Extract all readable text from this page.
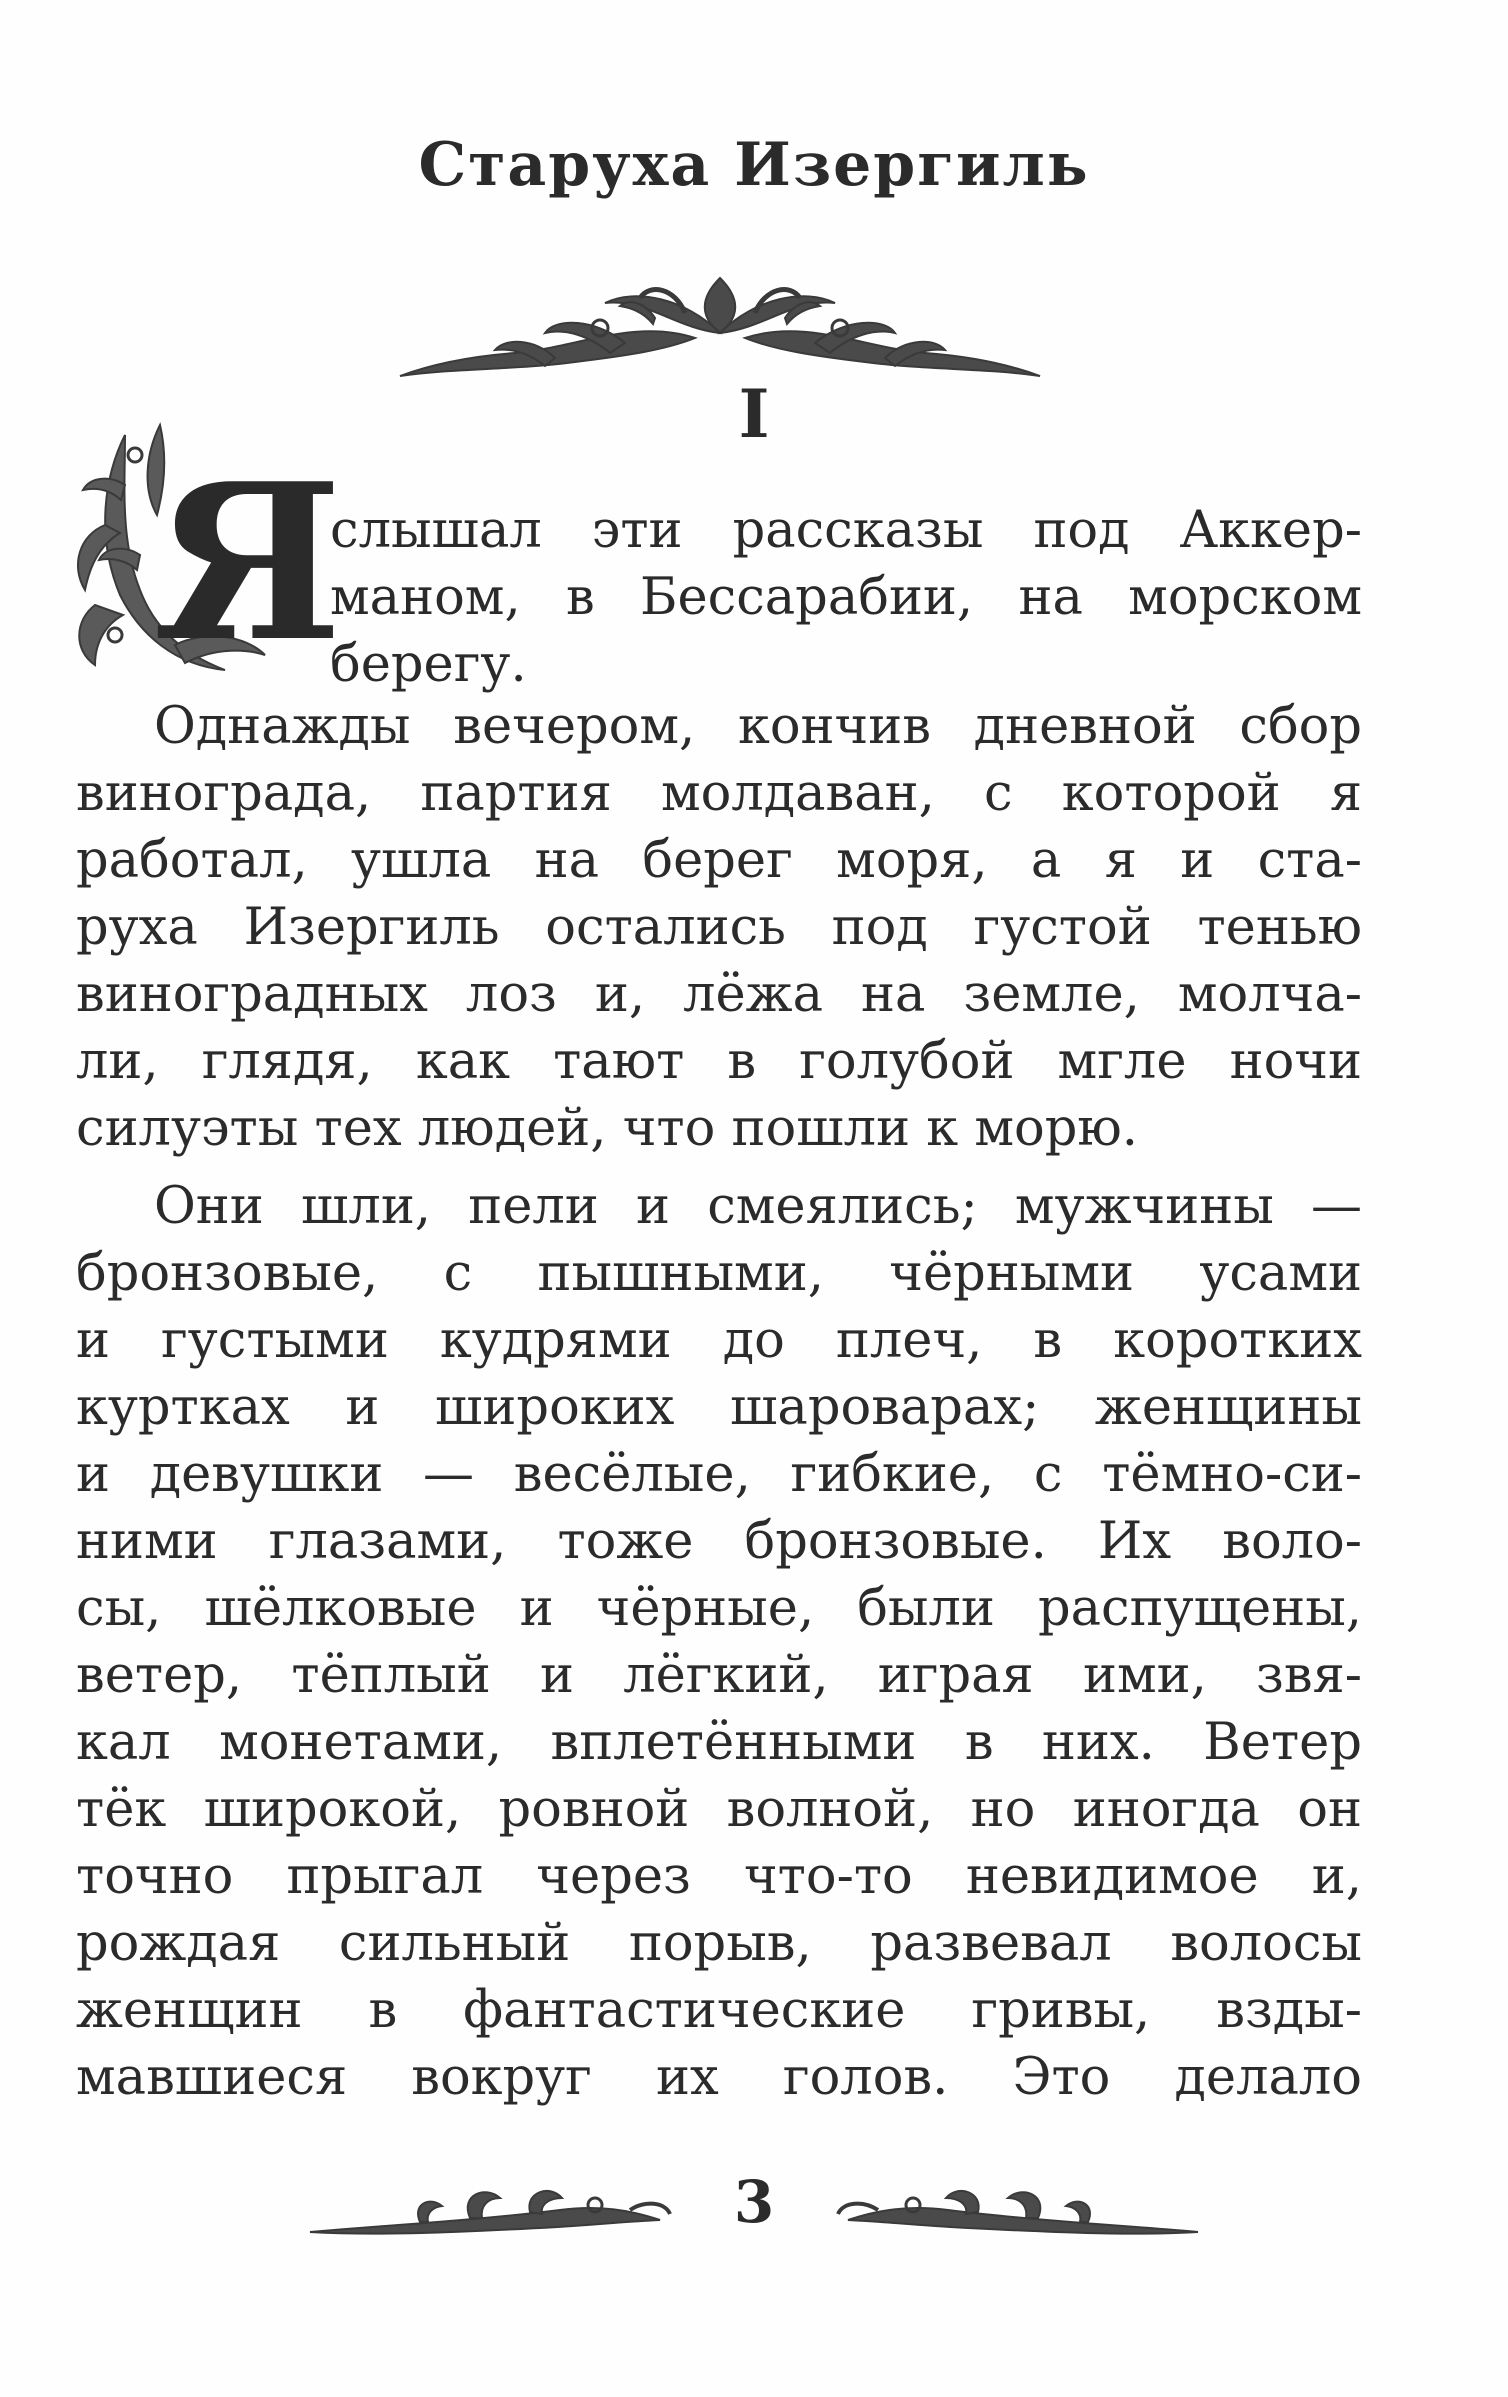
Старуха Изергиль
I
Я
слышал эти рассказы под Аккер-
маном, в Бессарабии, на морском
берегу.
Однажды вечером, кончив дневной сбор
винограда, партия молдаван, с которой я
работал, ушла на берег моря, а я и ста-
руха Изергиль остались под густой тенью
виноградных лоз и, лёжа на земле, молча-
ли, глядя, как тают в голубой мгле ночи
силуэты тех людей, что пошли к морю.
Они шли, пели и смеялись; мужчины —
бронзовые, с пышными, чёрными усами
и густыми кудрями до плеч, в коротких
куртках и широких шароварах; женщины
и девушки — весёлые, гибкие, с тёмно-си-
ними глазами, тоже бронзовые. Их воло-
сы, шёлковые и чёрные, были распущены,
ветер, тёплый и лёгкий, играя ими, звя-
кал монетами, вплетёнными в них. Ветер
тёк широкой, ровной волной, но иногда он
точно прыгал через что-то невидимое и,
рождая сильный порыв, развевал волосы
женщин в фантастические гривы, взды-
мавшиеся вокруг их голов. Это делало
3
